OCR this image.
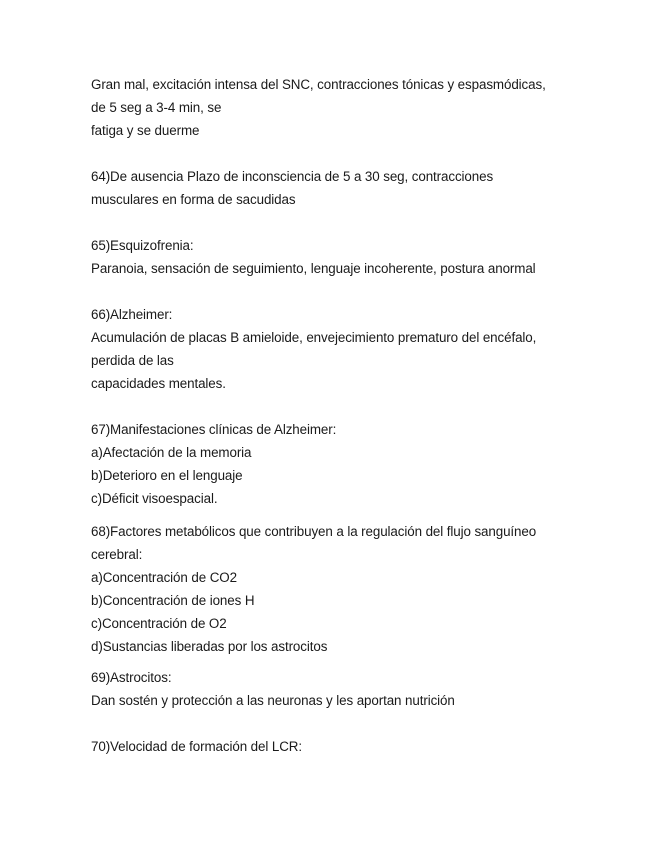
Gran mal, excitación intensa del SNC, contracciones tónicas y espasmódicas,
de 5 seg a 3-4 min, se
fatiga y se duerme
64)De ausencia Plazo de inconsciencia de 5 a 30 seg, contracciones
musculares en forma de sacudidas
65)Esquizofrenia:
Paranoia, sensación de seguimiento, lenguaje incoherente, postura anormal
66)Alzheimer:
Acumulación de placas B amieloide, envejecimiento prematuro del encéfalo,
perdida de las
capacidades mentales.
67)Manifestaciones clínicas de Alzheimer:
a)Afectación de la memoria
b)Deterioro en el lenguaje
c)Déficit visoespacial.
68)Factores metabólicos que contribuyen a la regulación del flujo sanguíneo
cerebral:
a)Concentración de CO2
b)Concentración de iones H
c)Concentración de O2
d)Sustancias liberadas por los astrocitos
69)Astrocitos:
Dan sostén y protección a las neuronas y les aportan nutrición
70)Velocidad de formación del LCR:
